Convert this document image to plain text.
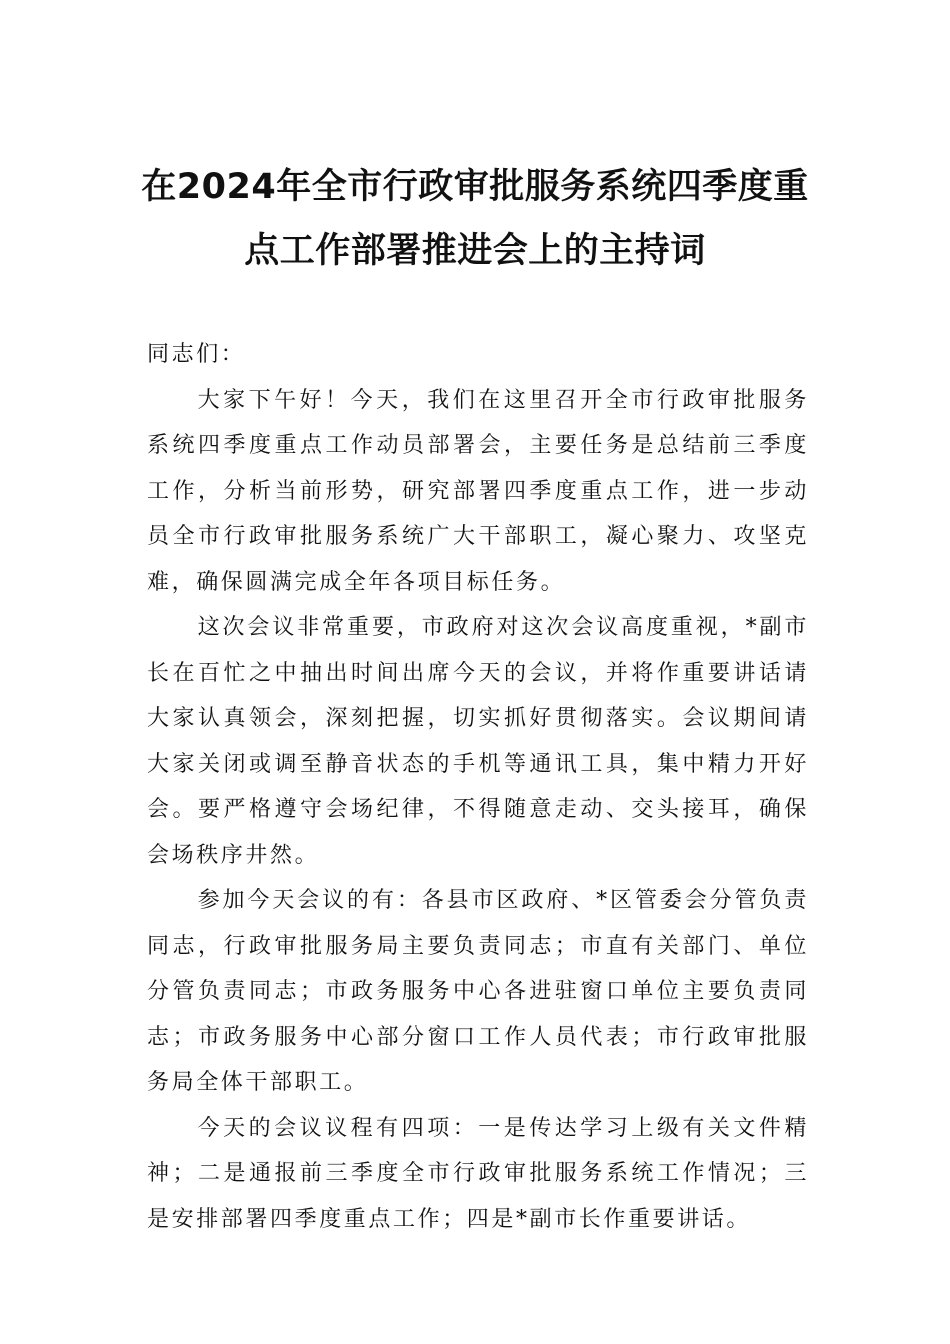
在2024年全市行政审批服务系统四季度重点工作部署推进会上的主持词

同志们：

大家下午好！今天，我们在这里召开全市行政审批服务系统四季度重点工作动员部署会，主要任务是总结前三季度工作，分析当前形势，研究部署四季度重点工作，进一步动员全市行政审批服务系统广大干部职工，凝心聚力、攻坚克难，确保圆满完成全年各项目标任务。

这次会议非常重要，市政府对这次会议高度重视，*副市长在百忙之中抽出时间出席今天的会议，并将作重要讲话请大家认真领会，深刻把握，切实抓好贯彻落实。会议期间请大家关闭或调至静音状态的手机等通讯工具，集中精力开好会。要严格遵守会场纪律，不得随意走动、交头接耳，确保会场秩序井然。

参加今天会议的有：各县市区政府、*区管委会分管负责同志，行政审批服务局主要负责同志；市直有关部门、单位分管负责同志；市政务服务中心各进驻窗口单位主要负责同志；市政务服务中心部分窗口工作人员代表；市行政审批服务局全体干部职工。

今天的会议议程有四项：一是传达学习上级有关文件精神；二是通报前三季度全市行政审批服务系统工作情况；三是安排部署四季度重点工作；四是*副市长作重要讲话。
